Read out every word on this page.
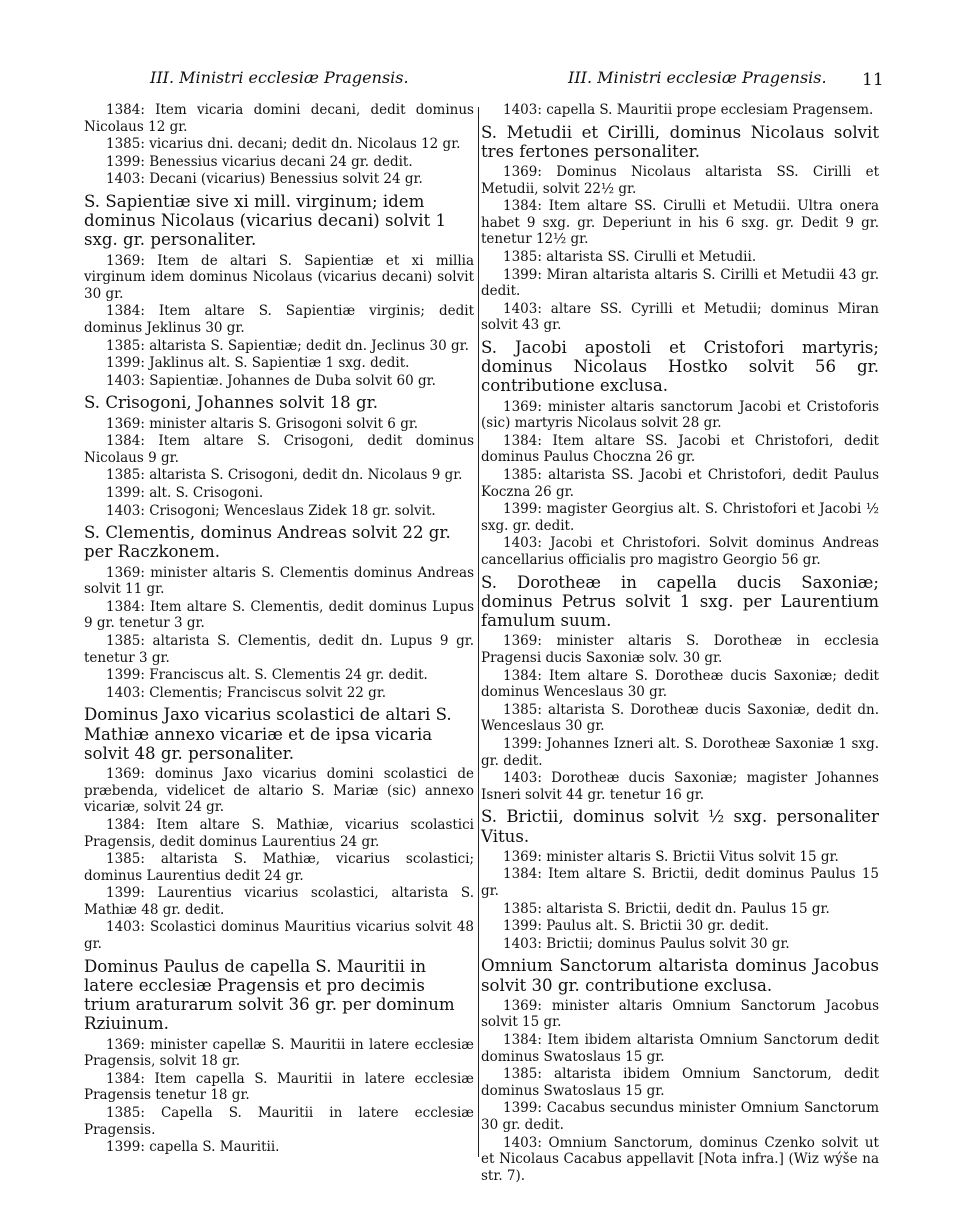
III. Ministri ecclesiæ Pragensis.	III. Ministri ecclesiæ Pragensis. 11

1384: Item vicaria domini decani, dedit dominus Nicolaus 12 gr.

1385: vicarius dni. decani; dedit dn. Nicolaus 12 gr.

1399: Benessius vicarius decani 24 gr. dedit.

1403: Decani (vicarius) Benessius solvit 24 gr.

S. Sapientiæ sive xi mill. virginum; idem dominus Nicolaus (vicarius decani) solvit 1 sxg. gr. personaliter.

1369: Item de altari S. Sapientiæ et xi millia virginum idem dominus Nicolaus (vicarius decani) solvit 30 gr.

1384: Item altare S. Sapientiæ virginis; dedit dominus Jeklinus 30 gr.

1385: altarista S. Sapientiæ; dedit dn. Jeclinus 30 gr.

1399: Jaklinus alt. S. Sapientiæ 1 sxg. dedit.

1403: Sapientiæ. Johannes de Duba solvit 60 gr.

S. Crisogoni, Johannes solvit 18 gr.

1369: minister altaris S. Grisogoni solvit 6 gr.

1384: Item altare S. Crisogoni, dedit dominus Nicolaus 9 gr.

1385: altarista S. Crisogoni, dedit dn. Nicolaus 9 gr.

1399: alt. S. Crisogoni.

1403: Crisogoni; Wenceslaus Zidek 18 gr. solvit.

S. Clementis, dominus Andreas solvit 22 gr. per Raczkonem.

1369: minister altaris S. Clementis dominus Andreas solvit 11 gr.

1384: Item altare S. Clementis, dedit dominus Lupus 9 gr. tenetur 3 gr.

1385: altarista S. Clementis, dedit dn. Lupus 9 gr. tenetur 3 gr.

1399: Franciscus alt. S. Clementis 24 gr. dedit.

1403: Clementis; Franciscus solvit 22 gr.

Dominus Jaxo vicarius scolastici de altari S. Mathiæ annexo vicariæ et de ipsa vicaria solvit 48 gr. personaliter.

1369: dominus Jaxo vicarius domini scolastici de præbenda, videlicet de altario S. Mariæ (sic) annexo vicariæ, solvit 24 gr.

1384: Item altare S. Mathiæ, vicarius scolastici Pragensis, dedit dominus Laurentius 24 gr.

1385: altarista S. Mathiæ, vicarius scolastici; dominus Laurentius dedit 24 gr.

1399: Laurentius vicarius scolastici, altarista S. Mathiæ 48 gr. dedit.

1403: Scolastici dominus Mauritius vicarius solvit 48 gr.

Dominus Paulus de capella S. Mauritii in latere ecclesiæ Pragensis et pro decimis trium araturarum solvit 36 gr. per dominum Rziuinum.

1369: minister capellæ S. Mauritii in latere ecclesiæ Pragensis, solvit 18 gr.

1384: Item capella S. Mauritii in latere ecclesiæ Pragensis tenetur 18 gr.

1385: Capella S. Mauritii in latere ecclesiæ Pragensis.

1399: capella S. Mauritii.

1403: capella S. Mauritii prope ecclesiam Pragensem.

S. Metudii et Cirilli, dominus Nicolaus solvit tres fertones personaliter.

1369: Dominus Nicolaus altarista SS. Cirilli et Metudii, solvit 22½ gr.

1384: Item altare SS. Cirulli et Metudii. Ultra onera habet 9 sxg. gr. Deperiunt in his 6 sxg. gr. Dedit 9 gr. tenetur 12½ gr.

1385: altarista SS. Cirulli et Metudii.

1399: Miran altarista altaris S. Cirilli et Metudii 43 gr. dedit.

1403: altare SS. Cyrilli et Metudii; dominus Miran solvit 43 gr.

S. Jacobi apostoli et Cristofori martyris; dominus Nicolaus Hostko solvit 56 gr. contributione exclusa.

1369: minister altaris sanctorum Jacobi et Cristoforis (sic) martyris Nicolaus solvit 28 gr.

1384: Item altare SS. Jacobi et Christofori, dedit dominus Paulus Choczna 26 gr.

1385: altarista SS. Jacobi et Christofori, dedit Paulus Koczna 26 gr.

1399: magister Georgius alt. S. Christofori et Jacobi ½ sxg. gr. dedit.

1403: Jacobi et Christofori. Solvit dominus Andreas cancellarius officialis pro magistro Georgio 56 gr.

S. Dorotheæ in capella ducis Saxoniæ; dominus Petrus solvit 1 sxg. per Laurentium famulum suum.

1369: minister altaris S. Dorotheæ in ecclesia Pragensi ducis Saxoniæ solv. 30 gr.

1384: Item altare S. Dorotheæ ducis Saxoniæ; dedit dominus Wenceslaus 30 gr.

1385: altarista S. Dorotheæ ducis Saxoniæ, dedit dn. Wenceslaus 30 gr.

1399: Johannes Izneri alt. S. Dorotheæ Saxoniæ 1 sxg. gr. dedit.

1403: Dorotheæ ducis Saxoniæ; magister Johannes Isneri solvit 44 gr. tenetur 16 gr.

S. Brictii, dominus solvit ½ sxg. personaliter Vitus.

1369: minister altaris S. Brictii Vitus solvit 15 gr.

1384: Item altare S. Brictii, dedit dominus Paulus 15 gr.

1385: altarista S. Brictii, dedit dn. Paulus 15 gr.

1399: Paulus alt. S. Brictii 30 gr. dedit.

1403: Brictii; dominus Paulus solvit 30 gr.

Omnium Sanctorum altarista dominus Jacobus solvit 30 gr. contributione exclusa.

1369: minister altaris Omnium Sanctorum Jacobus solvit 15 gr.

1384: Item ibidem altarista Omnium Sanctorum dedit dominus Swatoslaus 15 gr.

1385: altarista ibidem Omnium Sanctorum, dedit dominus Swatoslaus 15 gr.

1399: Cacabus secundus minister Omnium Sanctorum 30 gr. dedit.

1403: Omnium Sanctorum, dominus Czenko solvit ut et Nicolaus Cacabus appellavit [Nota infra.] (Wiz wýše na str. 7).
